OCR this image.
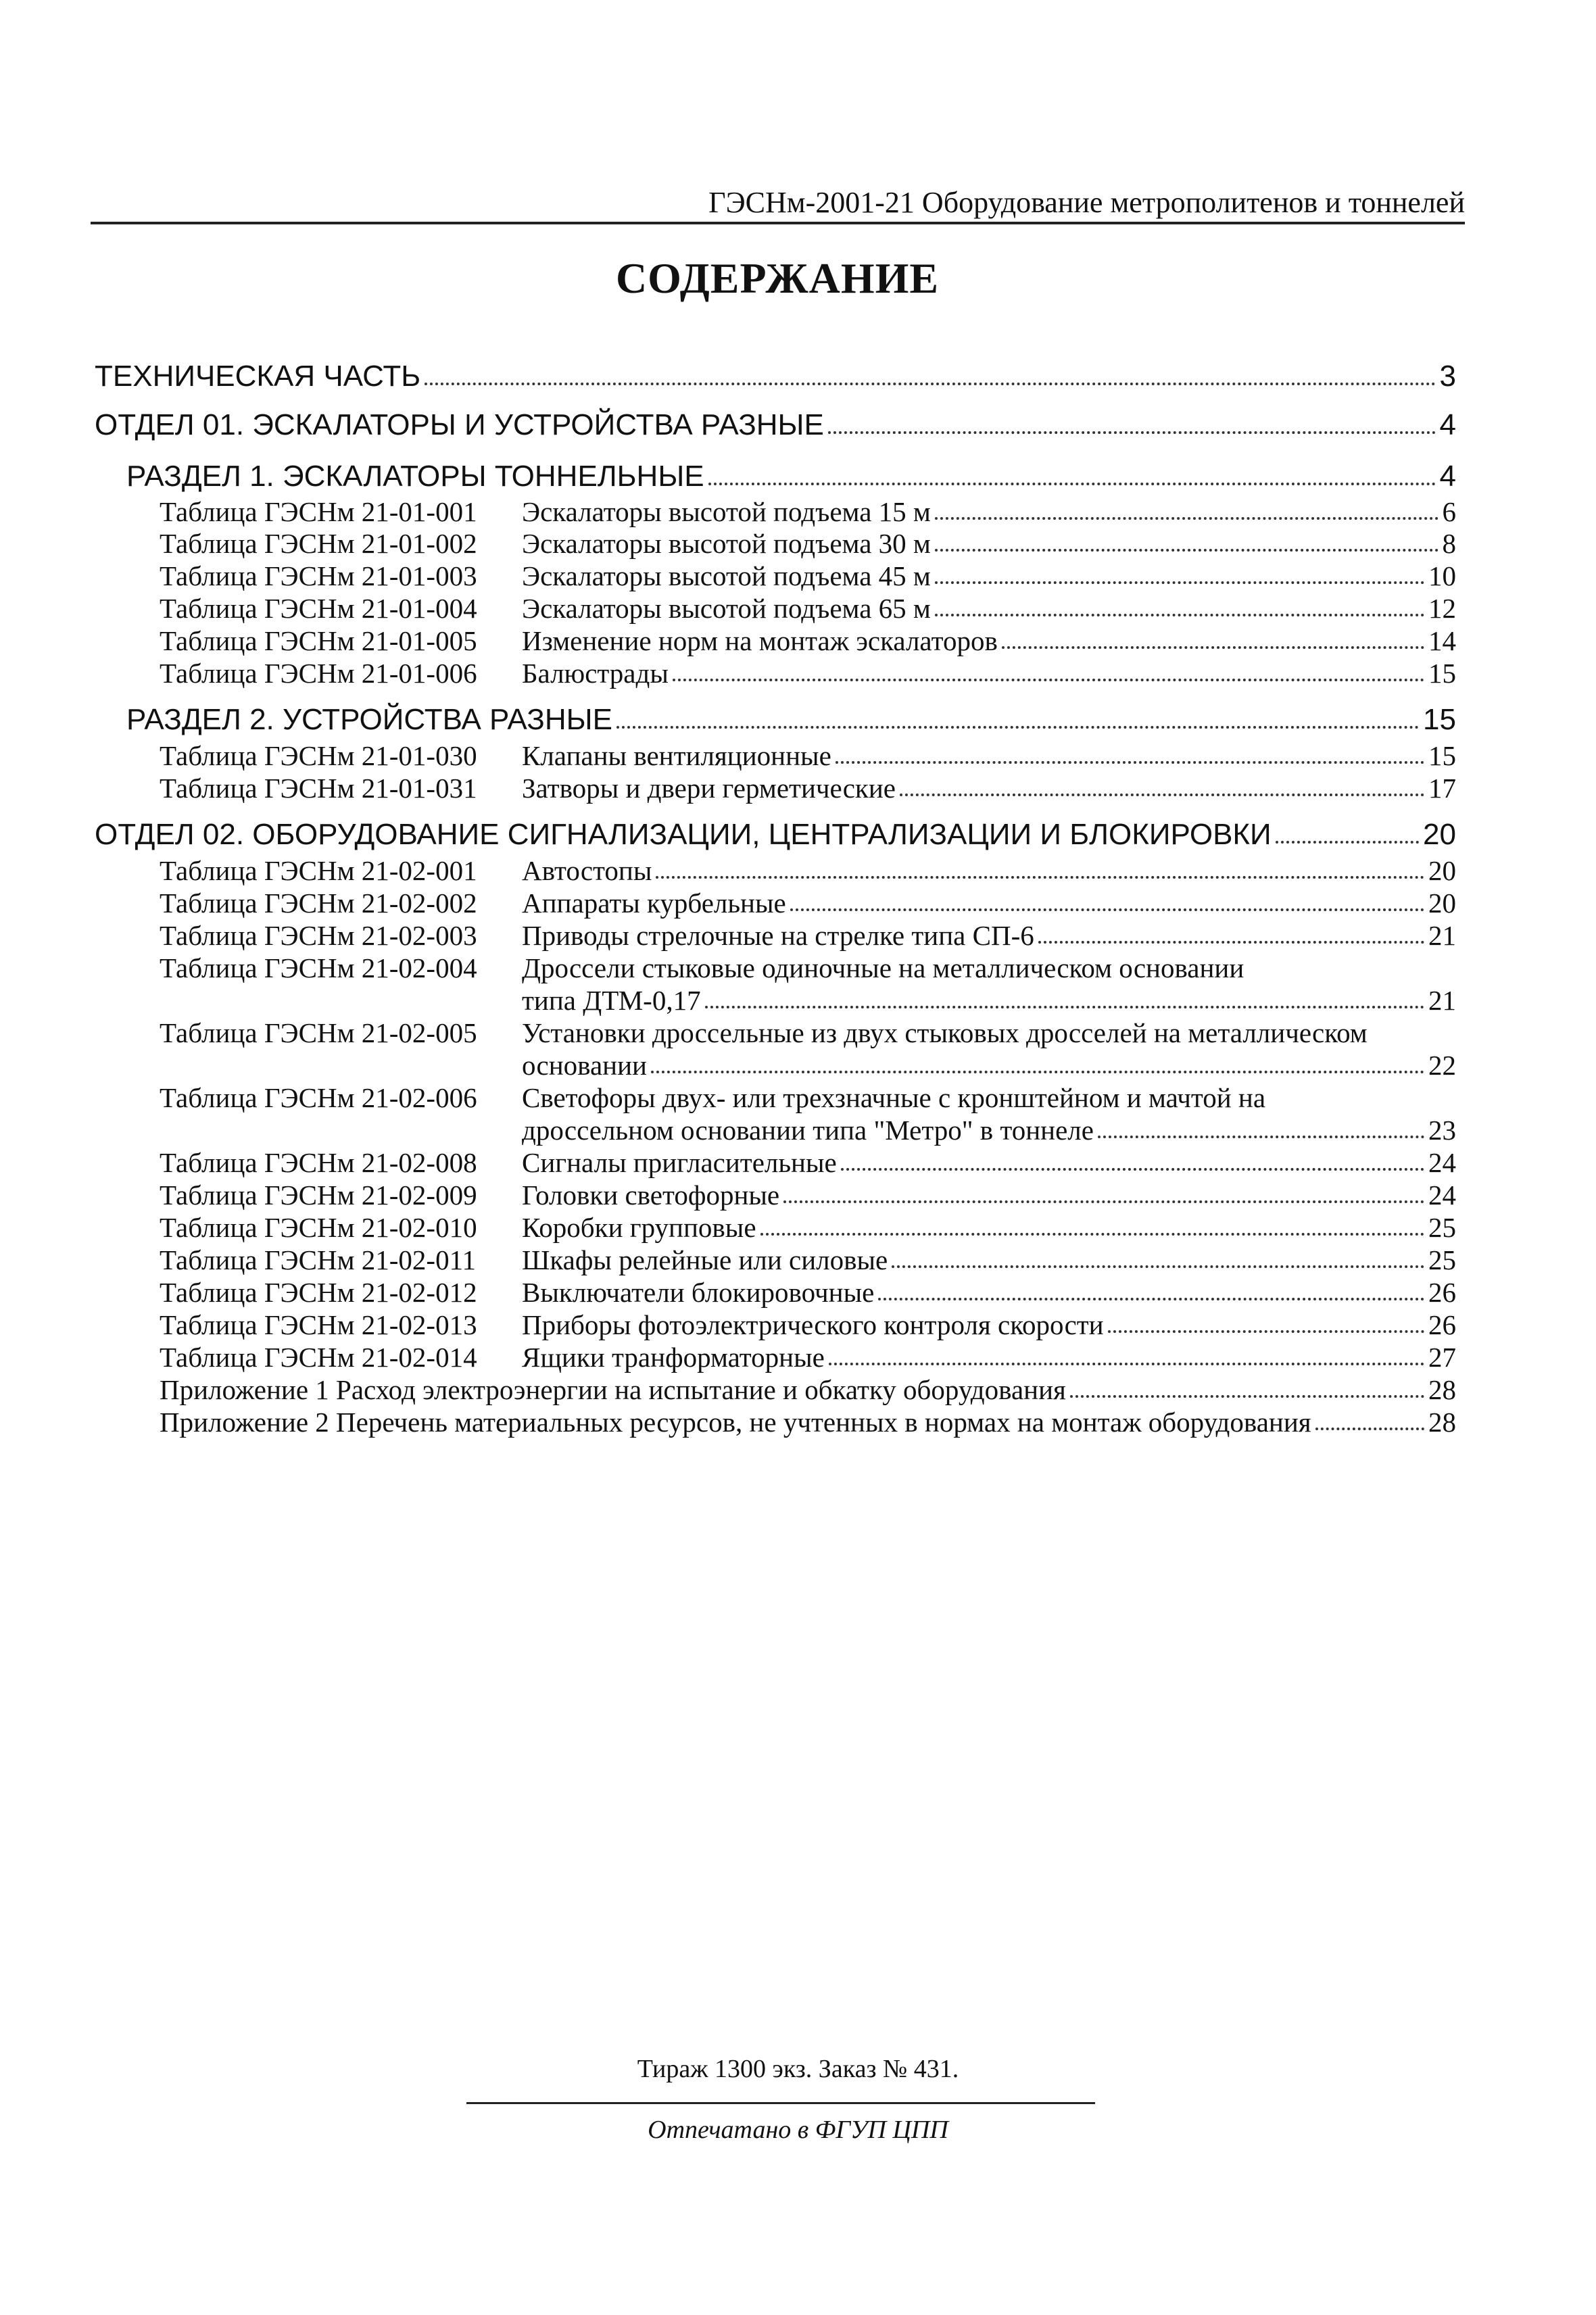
ГЭСНм-2001-21 Оборудование метрополитенов и тоннелей
СОДЕРЖАНИЕ
ТЕХНИЧЕСКАЯ ЧАСТЬ	3
ОТДЕЛ 01. ЭСКАЛАТОРЫ И УСТРОЙСТВА РАЗНЫЕ	4
РАЗДЕЛ 1. ЭСКАЛАТОРЫ ТОННЕЛЬНЫЕ	4
Таблица ГЭСНм 21-01-001	Эскалаторы высотой подъема 15 м	6
Таблица ГЭСНм 21-01-002	Эскалаторы высотой подъема 30 м	8
Таблица ГЭСНм 21-01-003	Эскалаторы высотой подъема 45 м	10
Таблица ГЭСНм 21-01-004	Эскалаторы высотой подъема 65 м	12
Таблица ГЭСНм 21-01-005	Изменение норм на монтаж эскалаторов	14
Таблица ГЭСНм 21-01-006	Балюстрады	15
РАЗДЕЛ 2. УСТРОЙСТВА РАЗНЫЕ	15
Таблица ГЭСНм 21-01-030	Клапаны вентиляционные	15
Таблица ГЭСНм 21-01-031	Затворы и двери герметические	17
ОТДЕЛ 02. ОБОРУДОВАНИЕ СИГНАЛИЗАЦИИ, ЦЕНТРАЛИЗАЦИИ И БЛОКИРОВКИ	20
Таблица ГЭСНм 21-02-001	Автостопы	20
Таблица ГЭСНм 21-02-002	Аппараты курбельные	20
Таблица ГЭСНм 21-02-003	Приводы стрелочные на стрелке типа СП-6	21
Таблица ГЭСНм 21-02-004	Дроссели стыковые одиночные на металлическом основании
типа ДТМ-0,17	21
Таблица ГЭСНм 21-02-005	Установки дроссельные из двух стыковых дросселей на металлическом
основании	22
Таблица ГЭСНм 21-02-006	Светофоры двух- или трехзначные с кронштейном и мачтой на
дроссельном основании типа "Метро" в тоннеле	23
Таблица ГЭСНм 21-02-008	Сигналы пригласительные	24
Таблица ГЭСНм 21-02-009	Головки светофорные	24
Таблица ГЭСНм 21-02-010	Коробки групповые	25
Таблица ГЭСНм 21-02-011	Шкафы релейные или силовые	25
Таблица ГЭСНм 21-02-012	Выключатели блокировочные	26
Таблица ГЭСНм 21-02-013	Приборы фотоэлектрического контроля скорости	26
Таблица ГЭСНм 21-02-014	Ящики транформаторные	27
Приложение 1 Расход электроэнергии на испытание и обкатку оборудования	28
Приложение 2 Перечень материальных ресурсов, не учтенных в нормах на монтаж оборудования	28
Тираж 1300 экз. Заказ № 431.
Отпечатано в ФГУП ЦПП
